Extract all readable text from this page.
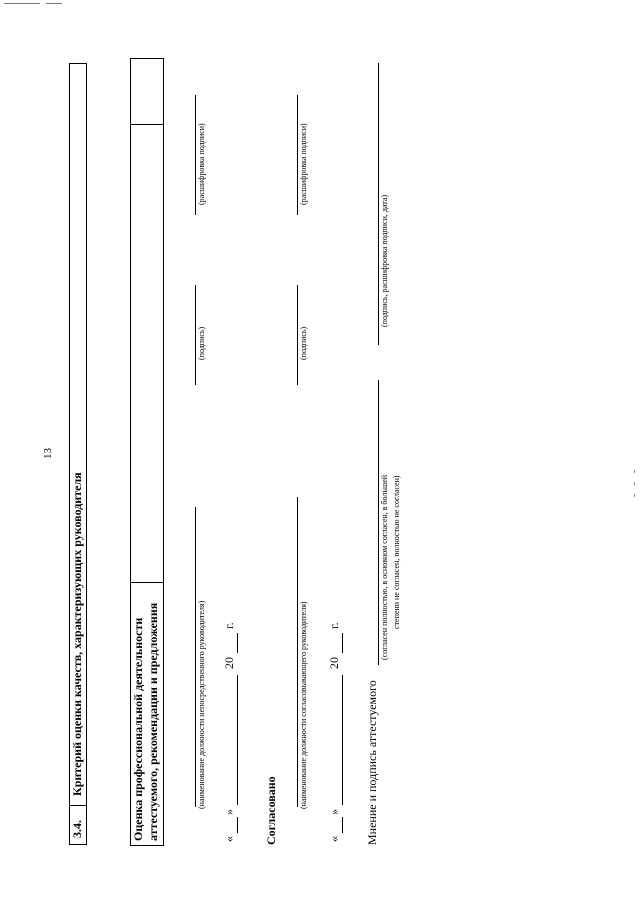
13
3.4.
Критерий оценки качеств, характеризующих руководителя	Оценка профессиональной деятельности аттестуемого, рекомендации и предложения	(наименование должности непосредственного руководителя)
(подпись)
(расшифровка подписи)
«
»
20
г.
Согласовано
(наименование должности согласовывающего руководителя)
(подпись)
(расшифровка подписи)
«
»
20
г.
Мнение и подпись аттестуемого
(согласен полностью, в основном согласен, в большей степени не согласен, полностью не согласен)
(подпись, расшифровка подписи, дата)
